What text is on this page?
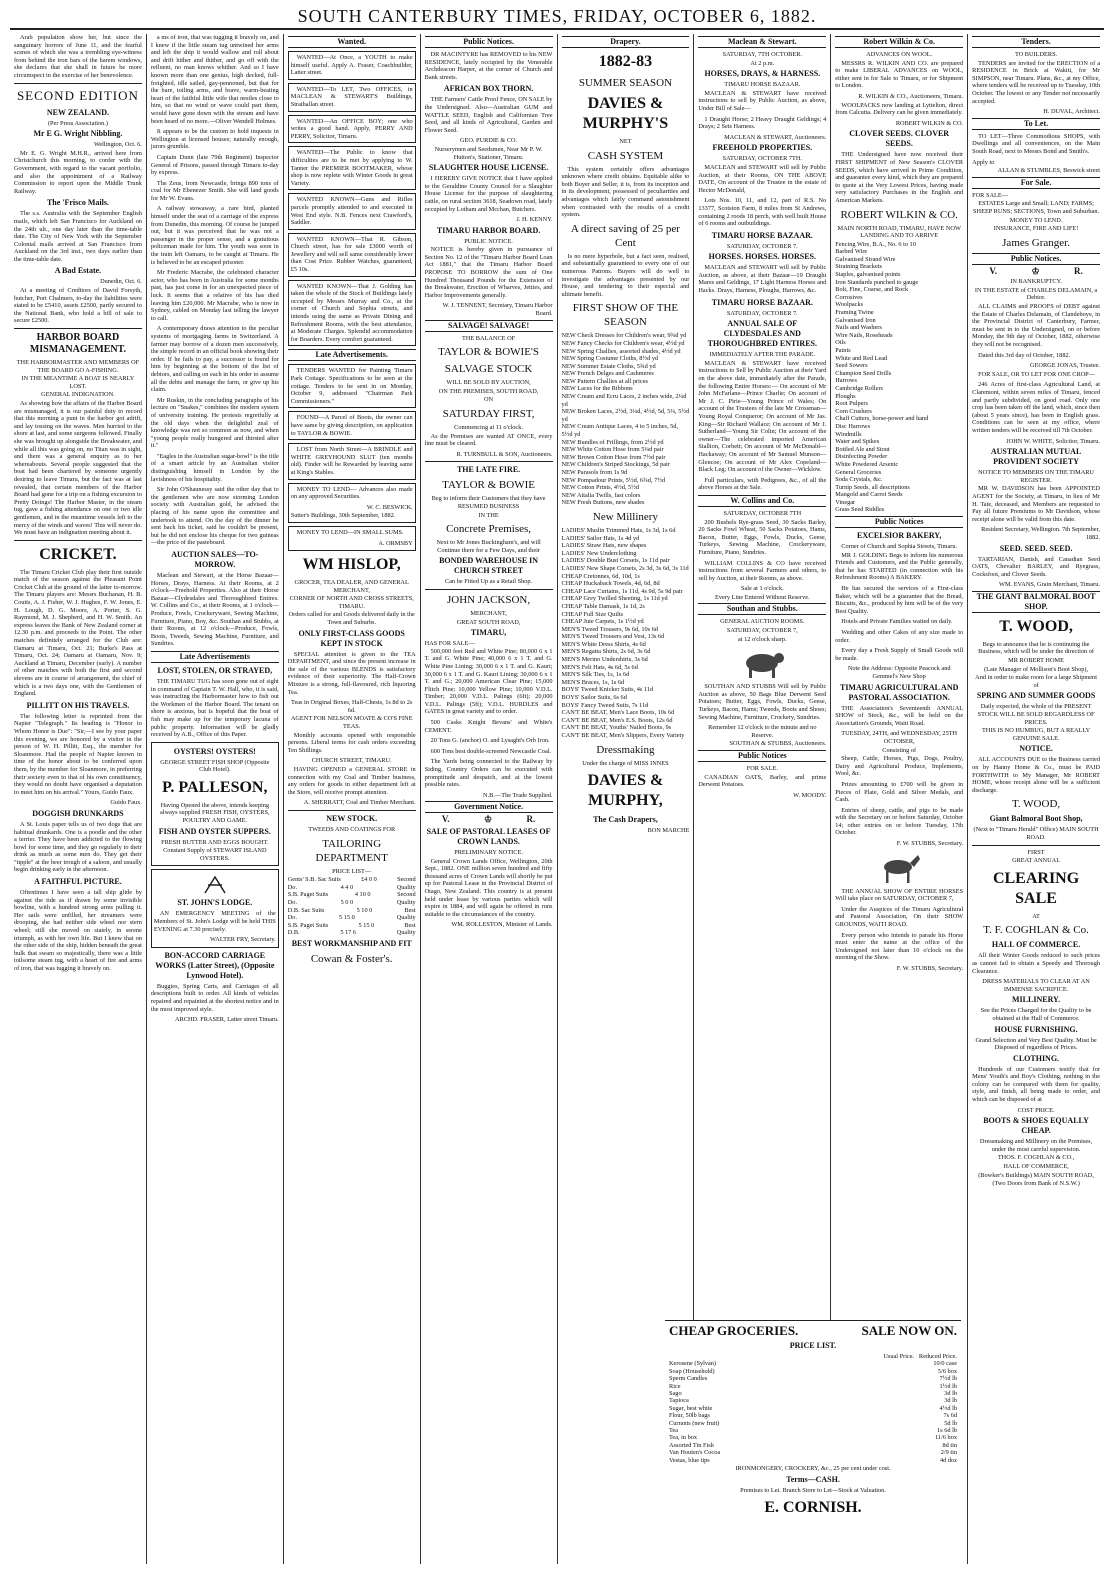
SOUTH CANTERBURY TIMES, FRIDAY, OCTOBER 6, 1882.
Arab population show her, but since the sanguinary horrors of June 11, and the fearful scenes of which she was a trembling eye-witness from behind the iron bars of the harem windows, she declares that she shall in future be more circumspect in the exercise of her benevolence.
SECOND EDITION
NEW ZEALAND.
(Per Press Association.)
Mr E G. Wright Nibbling.
Wellington, Oct. 6.
Mr E. G. Wright M.H.R., arrived here from Christchurch this morning, to confer with the Government, with regard to the vacant portfolio, and also the appointment of a Railway Commission to report upon the Middle Trunk Railway.
The 'Frisco Mails.
The s.s. Australia with the September English mails, which left San Francisco for Auckland on the 24th ult., one day later than the time-table date. The City of New York with the September Colonial mails arrived at San Francisco from Auckland on the 3rd inst., two days earlier than the time-table date.
A Bad Estate.
Dunedin, Oct. 6.
At a meeting of Creditors of David Forsyth, butcher, Port Chalmers, to-day the liabilities were stated to be £5410, assets £2500, partly secured to the National Bank, who hold a bill of sale to secure £2500.
HARBOR BOARD MISMANAGEMENT.
THE HARBORMASTER AND MEMBERS OF THE BOARD GO A-FISHING.
IN THE MEANTIME A BOAT IS NEARLY LOST.
GENERAL INDIGNATION.
As showing how the affairs of the Harbor Board are mismanaged, it is our painful duty to record that this morning a punt in the harbor got adrift, and lay tossing on the waves. Men hurried to the shore at last, and some surgeons followed. Finally she was brought up alongside the Breakwater, and while all this was going on, no Titan was in sight, and there was a general enquiry as to her whereabouts. Several people suggested that the boat had been chartered by someone urgently desiring to leave Timaru, but the fact was at last revealed, that certain members of the Harbor Board had gone for a trip on a fishing excursion to Pretty Doings! The Harbor Master, in the steam tug, gave a fishing attendance on one or two idle gentlemen, and in the meantime vessels left to the mercy of the winds and waves! This will never do. We must have an indignation meeting about it.
CRICKET.
The Timaru Cricket Club play their first outside match of the season against the Pleasant Point Cricket Club at the ground of the latter to-morrow. The Timaru players are: Messrs Buchanan, H. B. Coutts, A. J. Fisher, W. J. Hughes, F. W. Jones, E. H. Lough, D. G. Moore, A. Porter, S. G. Raymond, M. J. Shepherd, and H. W. Smith. An express leaves the Bank of New Zealand corner at 12.30 p.m. and proceeds to the Point. The other matches definitely arranged for the Club are: Oamaru at Timaru, Oct. 21; Burke's Pass at Timaru, Oct. 24; Oamaru at Oamaru, Nov. 9; Auckland at Timaru, December (early). A number of other matches with both the first and second elevens are in course of arrangement, the chief of which is a two days one, with the Gentlemen of England.
PILLITT ON HIS TRAVELS.
The following letter is reprinted from the Napier "Telegraph." Its heading is "Honor to Whom Honor is Due": "Sir,—I see by your paper this evening, we are honored by a visitor in the person of W. H. Pillitt, Esq., the member for Sloanmore. Had the people of Napier known in time of the honor about to be conferred upon them, by the member for Sloanmore, in preferring their society even to that of his own constituency, they would no doubt have organised a deputation to meet him on his arrival." Yours, Guido Faux.
Guido Faux.
DOGGISH DRUNKARDS
A St. Louis paper tells us of two dogs that are habitual drunkards. One is a poodle and the other a terrier. They have been addicted to the flowing bowl for some time, and they go regularly to their drink as much as some men do. They get their "tipple" at the beer trough of a saloon, and usually begin drinking early in the afternoon.
A FAITHFUL PICTURE.
Oftentimes I have seen a tall ship glide by against the tide as if drawn by some invisible bowline, with a hundred strong arms pulling it. Her sails were unfilled, her streamers were drooping, she had neither side wheel nor stern wheel; still she moved on stately, in serene triumph, as with her own life. But I knew that on the other side of the ship, hidden beneath the great bulk that swam so majestically, there was a little toilsome steam tug, with a heart of fire and arms of iron, that was tugging it bravely on.
a ms of iron, that was tugging it bravely on, and I knew if the little steam tug untwined her arms and left the ship it would wallow and roll about and drift hither and thither, and go off with the refluent, no man knows whither. And so I have known more than one genius, high decked, full-freighted, idle sailed, gay-pennoned, but that for the bare, toiling arms, and brave, warm-beating heart of the faithful little wife that nestles close to him, so that no wind or wave could part them, would have gone down with the stream and have been heard of no more.—Oliver Wendell Holmes.
It appears to be the custom to hold inquests in Wellington at licensed houses; naturally enough, jurors grumble.
Captain Dunn (late 79th Regiment) Inspector General of Prisons, passed through Timaru to-day by express.
The Zeus, from Newcastle, brings 890 tons of coal for Mr Ebenezer Smith. She will land goods for Mr W. Evans.
A railway stowaway, a rare bird, planted himself under the seat of a carriage of the express from Dunedin, this morning. Of course he jumped out, but it was perceived that he was not a passenger in the proper sense, and a gratuitous policeman made for him. The youth was soon in the train left Oamaru, to be caught at Timaru. He is believed to be an escaped prisoner.
Mr Frederic Macrabe, the celebrated character actor, who has been in Australia for some months past, has just come in for an unexpected piece of luck. It seems that a relative of his has died leaving him £20,000. Mr Macrabe, who is now in Sydney, cabled on Monday last telling the lawyer to call.
A contemporary draws attention to the peculiar systems of mortgaging farms in Switzerland. A farmer may borrow of a dozen men successively, the simple record in an official book showing their order. If he fails to pay, a successor is found for him by beginning at the bottom of the list of debtors, and calling on each in his order to assume all the debts and manage the farm, or give up his claim.
Mr Ruskin, in the concluding paragraphs of his lecture on "Snakes," combines the modern system of university training. He protests regretfully at the old days when the delightful zeal of knowledge was not so common as now, and when "young people really hungered and thirsted after it."
"Eagles in the Australian sugar-bowl" is the title of a smart article by an Australian visitor distinguishing himself in London by the lavishness of his hospitality.
Sir John O'Shaunessy said the other day that to the gentlemen who are now storming London society with Australian gold, he advised the placing of his name upon the committee and undertook to attend. On the day of the dinner he sent back his ticket, said he couldn't be present, but he did not enclose his cheque for two guineas—the price of the pasteboard.
AUCTION SALES—TO-MORROW.
Maclean and Stewart, at the Horse Bazaar—Horses, Drays, Harness. At their Rooms, at 2 o'clock—Freehold Properties. Also at their Horse Bazaar—Clydesdales and Thoroughbred Entires. W. Collins and Co., at their Rooms, at 1 o'clock—Produce, Fowls, Crockeryware, Sewing Machine, Furniture, Piano, Boy, &c. Southan and Stubbs, at their Rooms, at 12 o'clock—Produce, Fowls, Boots, Tweeds, Sewing Machine, Furniture, and Sundries.
Late Advertisements
LOST, STOLEN, OR STRAYED,
THE TIMARU TUG has soon gone out of sight in command of Captain T. W. Hall, who, it is said, was instructing the Harbormaster how to fish out the Workmen of the Harbor Board. The tenant on shore is anxious, but is hopeful that the boat of fish may make up for the temporary lacuna of public property. Information will be gladly received by A.B., Office of this Paper.
OYSTERS! OYSTERS!
GEORGE STREET FISH SHOP (Opposite Club Hotel).
P. PALLESON,
Having Opened the above, intends keeping always supplied FRESH FISH, OYSTERS, POULTRY AND GAME.
FISH AND OYSTER SUPPERS.
FRESH BUTTER AND EGGS BOUGHT.
Constant Supply of STEWART ISLAND OYSTERS.
ST. JOHN'S LODGE.
AN EMERGENCY MEETING of the Members of St. John's Lodge will be held THIS EVENING at 7.30 precisely.
WALTER FRY, Secretary.
BON-ACCORD CARRIAGE WORKS (Latter Street), (Opposite Lynwood Hotel).
Buggies, Spring Carts, and Carriages of all descriptions built to order. All kinds of vehicles repaired and repainted at the shortest notice and in the most improved style.
ARCHD. FRASER, Latter street Timaru.
Wanted.
WANTED—At Once, a YOUTH to make himself useful. Apply A. Fraser, Coachbuilder, Latter street.
WANTED—To LET, Two OFFICES, in MACLEAN & STEWART'S Buildings, Strathallan street.
WANTED—An OFFICE BOY; one who writes a good hand. Apply, PERRY AND PERRY, Solicitor, Timaru.
WANTED—The Public to know that difficulties are to be met by applying to W. Tanner the PREMIER BOOTMAKER, whose shop is now replete with Winter Goods in great Variety.
WANTED KNOWN—Guns and Rifles parcels promptly attended to and executed in West End style. N.B. Fences next Crawford's, Saddler.
WANTED KNOWN—That R. Gibson, Church street, has for sale £3000 worth of Jewellery and will sell same considerably lower than Cost Price. Rubber Watches, guaranteed, £5 10s.
WANTED KNOWN—That J. Golding has taken the whole of the Stock of Buildings lately occupied by Messrs Murray and Co., at the corner of Church and Sophia streets, and intends using the same as Private Dining and Refreshment Rooms, with the best attendance, at Moderate Charges. Splendid accommodation for Boarders. Every comfort guaranteed.
Late Advertisements.
TENDERS WANTED for Painting Timaru Park Cottage. Specifications to be seen at the cottage. Tenders to be sent in on Monday, October 9, addressed "Chairman Park Commissioners."
FOUND—A Parcel of Boots, the owner can have same by giving description, on application to TAYLOR & BOWIE.
LOST from North Street—A BRINDLE and WHITE GREYHOUND SLUT (ten months old). Finder will be Rewarded by leaving same at King's Stables.
MONEY TO LEND— Advances also made on any approved Securities.
W. C. BESWICK.
Sutter's Buildings, 30th September, 1882.
MONEY TO LEND—IN SMALL SUMS.
A. ORMSBY
WM HISLOP,
GROCER, TEA DEALER, AND GENERAL MERCHANT,
CORNER OF NORTH AND CROSS STREETS, TIMARU.
Orders called for and Goods delivered daily in the Town and Suburbs.
ONLY FIRST-CLASS GOODS KEPT IN STOCK
SPECIAL attention is given to the TEA DEPARTMENT, and since the present increase in the sale of the various BLENDS is satisfactory evidence of their superiority. The Half-Crown Mixture is a strong, full-flavoured, rich liquoring Tea.
Teas in Original Boxes, Half-Chests, 1s 8d to 2s 6d.
AGENT FOR NELSON MOATE & CO'S FINE TEAS.
Monthly accounts opened with responsible persons. Liberal terms for cash orders exceeding Ten Shillings.
CHURCH STREET, TIMARU.
HAVING OPENED a GENERAL STORE in connection with my Coal and Timber business, any orders for goods in either department left at the Store, will receive prompt attention.
A. SHERRATT, Coal and Timber Merchant.
NEW STOCK.
TWEEDS AND COATINGS FOR
TAILORING DEPARTMENT
PRICE LIST—
Gents' S.B. Sac Suits	£4 0 0	Second
Do.	4 4 0	Quality
S.B. Paget Suits	4 10 0	Second
Do.	5 0 0	Quality
D.B. Sac Suits	5 10 0	Best
Do.	5 15 0	Quality
S.B. Paget Suits	5 15 0	Best
D.B.	5 17 6	Quality
BEST WORKMANSHIP AND FIT
Cowan & Foster's.
Public Notices.
DR MACINTYRE has REMOVED to his NEW RESIDENCE, lately occupied by the Venerable Archdeacon Harper, at the corner of Church and Bank streets.
AFRICAN BOX THORN.
THE Farmers' Cattle Proof Fence, ON SALE by the Undersigned. Also—Australian GUM and WATTLE SEED, English and Californian Tree Seed, and all kinds of Agricultural, Garden and Flower Seed.
GEO. PURDIE & CO.
Nurserymen and Seedsmen, Near Mr P. W. Hutton's, Stationer, Timaru.
SLAUGHTER HOUSE LICENSE.
I HEREBY GIVE NOTICE that I have applied to the Geraldine County Council for a Slaughter House License for the purpose of slaughtering cattle, on rural section 3618, Seadown road, lately occupied by Lotham and Mcchan, Butchers.
J. H. KENNY.
TIMARU HARBOR BOARD.
PUBLIC NOTICE.
NOTICE is hereby given in pursuance of Section No. 12 of the "Timaru Harbor Board Loan Act 1881," that the Timaru Harbor Board PROPOSE TO BORROW the sum of One Hundred Thousand Pounds for the Extension of the Breakwater, Erection of Wharves, Jetties, and Harbor Improvements generally.
W. J. TENNENT, Secretary, Timaru Harbor Board.
SALVAGE! SALVAGE!
THE BALANCE OF
TAYLOR & BOWIE'S
SALVAGE STOCK
WILL BE SOLD BY AUCTION,
ON THE PREMISES, SOUTH ROAD,
ON
SATURDAY FIRST,
Commencing at 11 o'clock.
As the Premises are wanted AT ONCE, every line must be cleared.
R. TURNBULL & SON, Auctioneers.
THE LATE FIRE.
TAYLOR & BOWIE
Beg to inform their Customers that they have RESUMED BUSINESS
IN THE
Concrete Premises,
Next to Mr Jones Buckingham's, and will Continue there for a Few Days, and their
BONDED WAREHOUSE IN CHURCH STREET
Can be Fitted Up as a Retail Shop.
JOHN JACKSON,
MERCHANT,
GREAT SOUTH ROAD,
TIMARU,
HAS FOR SALE—
500,000 feet Red and White Pine; 80,000 6 x 1 T. and G. White Pine; 40,000 6 x 1 T. and G. White Pine Lining; 30,000 6 x 1 T. and G. Kauri; 30,000 6 x 1 T. and G. Kauri Lining; 30,000 6 x 1 T. and G.; 20,000 American Clear Pine; 15,000 Flitch Pine; 10,000 Yellow Pine; 10,000 V.D.L. Timber; 20,000 V.D.L. Palings (6ft); 20,000 V.D.L. Palings (5ft); V.D.L. HURDLES and GATES in great variety and to order.
500 Casks Knight Bevans' and White's CEMENT.
20 Tons G. (anchor) O. and Lysaght's Orb Iron.
600 Tons best double-screened Newcastle Coal.
The Yards being connected to the Railway by Siding, Country Orders can be executed with promptitude and despatch, and at the lowest possible rates.
N.B.—The Trade Supplied.
Government Notice.
V.	♔	R.
SALE OF PASTORAL LEASES OF CROWN LANDS.
PRELIMINARY NOTICE.
General Crown Lands Office, Wellington, 20th Sept., 1882. ONE million seven hundred and fifty thousand acres of Crown Lands will shortly be put up for Pastoral Lease in the Provincial District of Otago, New Zealand. This country is at present held under lease by various parties which will expire in 1884, and will again be offered in runs suitable to the circumstances of the country.
WM. ROLLESTON, Minister of Lands.
Drapery.
1882-83
SUMMER SEASON
DAVIES & MURPHY'S
NET
CASH SYSTEM
This system certainly offers advantages unknown where credit obtains. Equitable alike to both Buyer and Seller, it is, from its inception and in its development, possessed of peculiarities and advantages which fairly command astonishment when contrasted with the results of a credit system.
A direct saving of 25 per Cent
Is no mere hyperbole, but a fact seen, realised, and substantially guaranteed to every one of our numerous Patrons. Buyers will do well to investigate the advantages presented by our House, and tendering to their especial and ultimate benefit.
FIRST SHOW OF THE SEASON
NEW Check Dresses for Children's wear, 9¾d yd
NEW Fancy Checks for Children's wear, 4½d yd
NEW Spring Challies, assorted shades, 4½d yd
NEW Spring Costume Cloths, 8½d yd
NEW Summer Estate Cloths, 5¾d yd
NEW French Delges and Cashmeres
NEW Pattern Challies at all prices
NEW Laces for the Ribbons
NEW Cream and Ecru Laces, 2 inches wide, 2¼d yd
NEW Broken Laces, 2½d, 3¼d, 4½d, 5d, 5¼, 5½d yd
NEW Cream Antique Laces, 4 to 5 inches, 5d, 5½d yd
NEW Bundles of Frillings, from 2½d yd
NEW White Cotton Hose from 5¼d pair
NEW Brown Cotton Hose from 7½d pair
NEW Children's Striped Stockings, 5d pair
NEW Parasols from 1s 9d
NEW Pompadour Prints, 5½d, 6¾d, 7½d
NEW Cotton Prints, 4½d, 5½d
NEW Attalia Twills, fast colors
NEW Fresh Buttons, new shades
New Millinery
LADIES' Muslin Trimmed Hats, 1s 3d, 1s 6d
LADIES' Sailor Hats, 1s 4d yd
LADIES' Straw Hats, new shapes
LADIES' New Underclothing
LADIES' Double Bust Corsets, 1s 11d pair
LADIES' New Shape Corsets, 2s 3d, 3s 6d, 3s 11d
CHEAP Cretonnes, 6d, 10d, 1s
CHEAP Huckaback Towels, 4d, 6d, 8d
CHEAP Lace Curtains, 1s 11d, 4s 9d, 5s 9d pair
CHEAP Grey Twilled Sheeting, 1s 11d yd
CHEAP Table Damask, 1s 1d, 2s
CHEAP Full Size Quilts
CHEAP Jute Carpets, 1s 1½d yd
MEN'S Tweed Trousers, 9s 6d, 10s 6d
MEN'S Tweed Trousers and Vest, 13s 6d
MEN'S White Dress Shirts, 4s 6d
MEN'S Regatta Shirts, 2s 6d, 3s 6d
MEN'S Merino Undershirts, 3s 6d
MEN'S Felt Hats, 4s 6d, 5s 6d
MEN'S Silk Ties, 1s, 1s 6d
MEN'S Braces, 1s, 1s 6d
BOYS' Tweed Knicker Suits, 4s 11d
BOYS' Sailor Suits, 6s 6d
BOYS' Fancy Tweed Suits, 7s 11d
CAN'T BE BEAT, Men's Lace Boots, 10s 6d
CAN'T BE BEAT, Men's E.S. Boots, 12s 6d
CAN'T BE BEAT, Youths' Nailed Boots, 9s
CAN'T BE BEAT, Men's Slippers, Every Variety
Dressmaking
Under the charge of MISS INNES
DAVIES & MURPHY,
The Cash Drapers,
BON MARCHE
Maclean & Stewart.
SATURDAY, 7TH OCTOBER.
At 2 p.m.
HORSES, DRAYS, & HARNESS.
TIMARU HORSE BAZAAR.
MACLEAN & STEWART have received instructions to sell by Public Auction, as above, Under Bill of Sale—
1 Draught Horse; 2 Heavy Draught Geldings; 4 Drays; 2 Sets Harness.
MACLEAN & STEWART, Auctioneers.
FREEHOLD PROPERTIES.
SATURDAY, OCTOBER 7TH.
MACLEAN and STEWART will sell by Public Auction, at their Rooms, ON THE ABOVE DATE, On account of the Trustee in the estate of Hector McDonald,
Lots Nos. 10, 11, and 12, part of R.S. No 13377, Scotston Farm, 8 miles from St Andrews, containing 2 roods 18 perch, with well built House of 6 rooms and outbuildings.
TIMARU HORSE BAZAAR.
SATURDAY, OCTOBER 7.
HORSES. HORSES. HORSES.
MACLEAN and STEWART will sell by Public Auction, as above, at their Bazaar—19 Draught Mares and Geldings, 17 Light Harness Horses and Hacks. Drays, Harness, Ploughs, Harrows, &c.
TIMARU HORSE BAZAAR.
SATURDAY, OCTOBER 7.
ANNUAL SALE OF CLYDESDALES AND THOROUGHBRED ENTIRES.
IMMEDIATELY AFTER THE PARADE.
MACLEAN & STEWART have received instructions to Sell by Public Auction at their Yard on the above date, immediately after the Parade, the following Entire Horses:— On account of Mr John McFarlane—Prince Charlie; On account of Mr J. C. Pirie—Young Prince of Wales; On account of the Trustees of the late Mr Crossman—Young Royal Conqueror; On account of Mr Jas. King—Sir Richard Wallace; On account of Mr J. Sutherland—Young Sir Colin; On account of the owner—The celebrated imported American Stallion, Corbett; On account of Mr McDonald—Hackaway; On account of Mr Samuel Munson—Glencoe; On account of Mr Alex Copeland—Black Leg; On account of the Owner—Wicklow.
Full particulars, with Pedigrees, &c., of all the above Horses at the Sale.
W. Collins and Co.
SATURDAY, OCTOBER 7TH
200 Bushels Rye-grass Seed, 30 Sacks Barley, 20 Sacks Fowl Wheat, 50 Sacks Potatoes, Hams, Bacon, Butter, Eggs, Fowls, Ducks, Geese, Turkeys, Sewing Machine, Crockeryware, Furniture, Piano, Sundries.
WILLIAM COLLINS & CO have received instructions from several Farmers and others, to sell by Auction, at their Rooms, as above.
Sale at 1 o'clock.
Every Line Entered Without Reserve.
Southan and Stubbs.
GENERAL AUCTION ROOMS.
SATURDAY, OCTOBER 7,
at 12 o'clock sharp.
SOUTHAN AND STUBBS Will sell by Public Auction as above, 50 Bags Blue Derwent Seed Potatoes; Butter, Eggs, Fowls, Ducks, Geese, Turkeys, Bacon, Hams; Tweeds, Boots and Shoes; Sewing Machine, Furniture, Crockery, Sundries.
Remember 12 o'clock to the minute and no Reserve.
SOUTHAN & STUBBS, Auctioneers.
Public Notices
FOR SALE.
CANADIAN OATS, Barley, and prime Derwent Potatoes.
W. MOODY.
Robert Wilkin & Co.
ADVANCES ON WOOL.
MESSRS R. WILKIN AND CO. are prepared to make LIBERAL ADVANCES on WOOL, either sent in for Sale to Timaru, or for Shipment to London.
R. WILKIN & CO., Auctioneers, Timaru.
WOOLPACKS now landing at Lyttelton, direct from Calcutta. Delivery can be given immediately.
ROBERT WILKIN & CO.
CLOVER SEEDS. CLOVER SEEDS.
THE Undersigned have now received their FIRST SHIPMENT of New Season's CLOVER SEEDS, which have arrived in Prime Condition, and guarantee every kind, which they are prepared to quote at the Very Lowest Prices, having made very satisfactory Purchases in the English and American Markets.
ROBERT WILKIN & CO.
MAIN NORTH ROAD, TIMARU, HAVE NOW LANDING AND TO ARRIVE
Fencing Wire, B.A., No. 6 to 10
Barbed Wire
Galvanised Strand Wire
Straining Brackets
Staples, galvanised points
Iron Standards punched to gauge
Bolt, Fine, Coarse, and Rock
Corrosives
Woolpacks
Framing Twine
Galvanised Iron
Nails and Washers
Wire Nails, Roseheads
Oils
Paints
White and Red Lead
Seed Sowers
Champion Seed Drills
Harrows
Cambridge Rollers
Ploughs
Root Pulpers
Corn Crushers
Chaff Cutters, horse-power and hand
Disc Harrows
Windmills
Water and Spikes
Bottled Ale and Stout
Disinfecting Powder
White Powdered Arsenic
General Groceries
Soda Crystals, &c.
Turnip Seeds, all descriptions
Mangold and Carrot Seeds
Vinegar
Grass Seed Riddles
Public Notices
EXCELSIOR BAKERY,
Corner of Church and Sophia Streets, Timaru.
MR J. GOLDING Begs to inform his numerous Friends and Customers, and the Public generally, that he has STARTED (in connection with his Refreshment Rooms) A BAKERY.
He has secured the services of a First-class Baker, which will be a guarantee that the Bread, Biscuits, &c., produced by him will be of the very Best Quality.
Hotels and Private Families waited on daily.
Wedding and other Cakes of any size made to order.
Every day a Fresh Supply of Small Goods will be made.
Note the Address: Opposite Peacock and Gemmel's New Shop
TIMARU AGRICULTURAL AND PASTORAL ASSOCIATION.
THE Association's Seventeenth ANNUAL SHOW of Stock, &c., will be held on the Association's Grounds, Waiti Road.
TUESDAY, 24TH, and WEDNESDAY, 25TH OCTOBER,
Consisting of
Sheep, Cattle, Horses, Pigs, Dogs, Poultry, Dairy and Agricultural Produce, Implements, Wool, &c.
Prizes amounting to £700 will be given in Pieces of Plate, Gold and Silver Medals, and Cash.
Entries of sheep, cattle, and pigs to be made with the Secretary on or before Saturday, October 14; other entries on or before Tuesday, 17th October.
F. W. STUBBS, Secretary.
THE ANNUAL SHOW OF ENTIRE HORSES Will take place on SATURDAY, OCTOBER 7,
Under the Auspices of the Timaru Agricultural and Pastoral Association, On their SHOW GROUNDS, WAITI ROAD.
Every person who intends to parade his Horse must enter the name at the office of the Undersigned not later than 10 o'clock on the morning of the Show.
F. W. STUBBS, Secretary.
Tenders.
TO BUILDERS.
TENDERS are invited for the ERECTION of a RESIDENCE in Brick at Wakiti, for Mr SIMPSON, near Timaru. Plans, &c., at my Office, where tenders will be received up to Tuesday, 10th October. The lowest or any Tender not necessarily accepted.
H. DUVAL, Architect.
To Let.
TO LET—Three Commodious SHOPS, with Dwellings and all conveniences, on the Main South Road, next to Messrs Bond and Smith's.
Apply to
ALLAN & STUMBLES, Beswick street
For Sale.
FOR SALE—
ESTATES Large and Small; LAND; FARMS; SHEEP RUNS; SECTIONS, Town and Suburban.
MONEY TO LEND.
INSURANCE, FIRE AND LIFE!
James Granger.
Public Notices.
V.	♔	R.
IN BANKRUPTCY.
IN THE ESTATE of CHARLES DELAMAIN, a Debtor.
ALL CLAIMS and PROOFS of DEBT against the Estate of Charles Delamain, of Clandeboye, in the Provincial District of Canterbury, Farmer, must be sent in to the Undersigned, on or before Monday, the 9th day of October, 1882, otherwise they will not be recognised.
Dated this 3rd day of October, 1882.
GEORGE JONAS, Trustee.
FOR SALE, OR TO LET FOR ONE CROP—
246 Acres of first-class Agricultural Land, at Claremont, within seven miles of Timaru, fenced and partly subdivided, on good road. Only one crop has been taken off the land, which, since then (about 5 years since), has been in English grass. Conditions can be seen at my office, where written tenders will be received till 7th October.
JOHN W. WHITE, Solicitor, Timaru.
AUSTRALIAN MUTUAL PROVIDENT SOCIETY
NOTICE TO MEMBERS ON THE TIMARU REGISTER.
MR W. DAVIDSON has been APPOINTED AGENT for the Society, at Timaru, in lieu of Mr H. Tate, deceased, and Members are requested to Pay all future Premiums to Mr Davidson, whose receipt alone will be valid from this date.
Resident Secretary, Wellington. 7th September, 1882.
SEED. SEED. SEED.
TARTARIAN, Danish, and Canadian Seed OATS, Chevalier BARLEY, and Ryegrass, Cocksfoot, and Clover Seeds.
WM. EVANS, Grain Merchant, Timaru.
THE GIANT BALMORAL BOOT SHOP.
T. WOOD,
Begs to announce that he is continuing the Business, which will be under the direction of
MR ROBERT HOME
(Late Manager of Mollison's Boot Shop),
And in order to make room for a large Shipment of
SPRING AND SUMMER GOODS
Daily expected, the whole of the PRESENT STOCK WILL BE SOLD REGARDLESS OF PRICES.
THIS IS NO HUMBUG, BUT A REALLY GENUINE SALE.
NOTICE.
ALL ACCOUNTS DUE to the Business carried on by Hanny Home & Co., must be PAID FORTHWITH to My Manager, Mr ROBERT HOME, whose receipt alone will be a sufficient discharge.
T. WOOD,
Giant Balmoral Boot Shop,
(Next to "Timaru Herald" Office) MAIN SOUTH ROAD.
FIRST
GREAT ANNUAL
CLEARING SALE
AT
T. F. COGHLAN & Co.
HALL OF COMMERCE.
All their Winter Goods reduced to such prices as cannot fail to obtain a Speedy and Thorough Clearance.
DRESS MATERIALS TO CLEAR AT AN IMMENSE SACRIFICE.
MILLINERY.
See the Prices Charged for the Quality to be obtained at the Hall of Commerce.
HOUSE FURNISHING.
Grand Selection and Very Best Quality. Must be Disposed of regardless of Prices.
CLOTHING.
Hundreds of our Customers testify that for Mens' Youth's and Boy's Clothing, nothing in the colony can be compared with them for quality, style, and finish, all being made to order, and which can be disposed of at
COST PRICE.
BOOTS & SHOES EQUALLY CHEAP.
Dressmaking and Millinery on the Premises, under the most careful supervision.
THOS. F. COGHLAN & CO.,
HALL OF COMMERCE,
(Bowker's Buildings) MAIN SOUTH ROAD,
(Two Doors from Bank of N.S.W.)
CHEAP GROCERIES.	SALE NOW ON.
PRICE LIST.
Usual Price. Reduced Price.
Kerosene (Sylvan)	10/0 case
Soap (Household)	5/6 box
Sperm Candles	7½d lb
Rice	1½d lb
Sago	3d lb
Tapioca	3d lb
Sugar, best white	4½d lb
Flour, 50lb bags	7s 6d
Currants (new fruit)	5d lb
Tea	1s 6d lb
Tea, in box	11/6 box
Assorted Tin Fish	8d tin
Van Houten's Cocoa	2/9 tin
Vestas, blue tips	4d doz
IRONMONGERY, CROCKERY, &c., 25 per cent under cost.
Terms—CASH.
Premises to Let. Branch Store to Let—Stock at Valuation.
E. CORNISH.
